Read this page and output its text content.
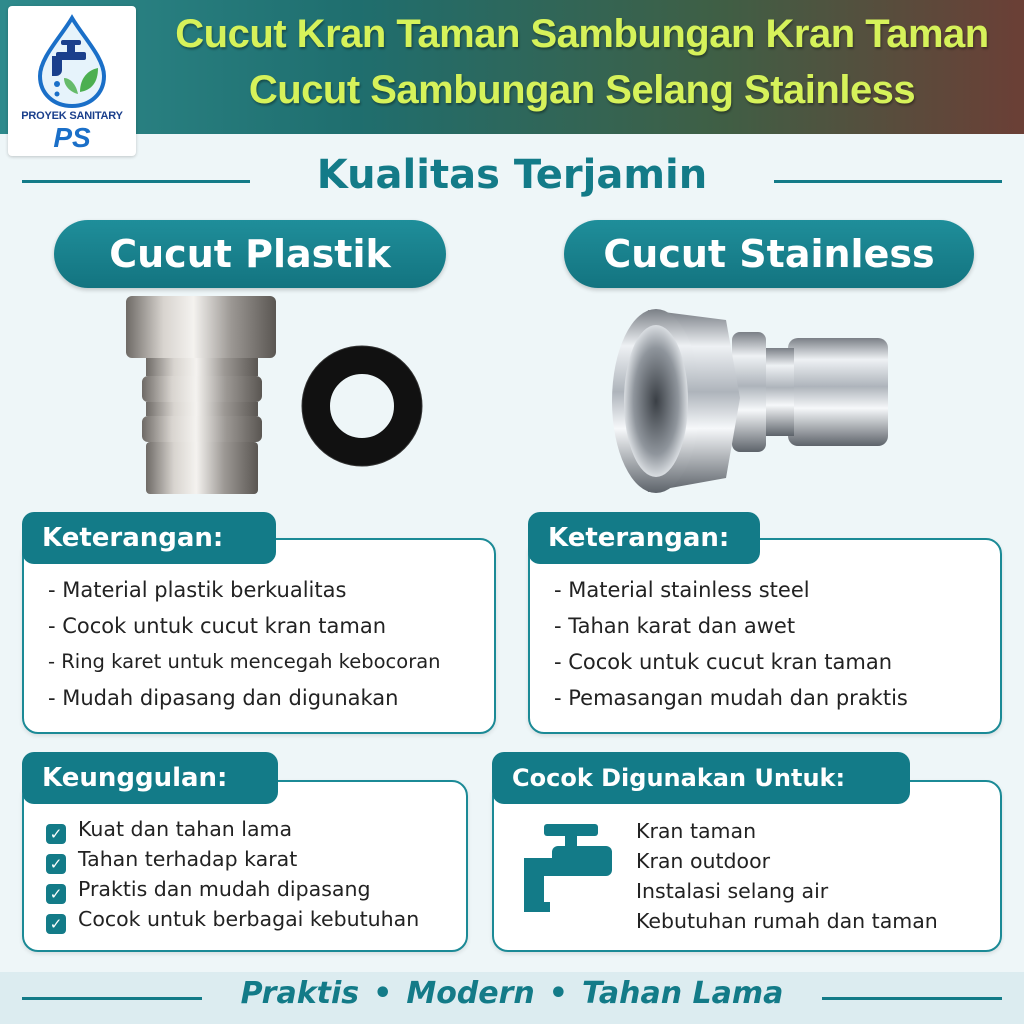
PROYEK SANITARY
PS
Cucut Kran Taman Sambungan Kran Taman
Cucut Sambungan Selang Stainless
Kualitas Terjamin
Cucut Plastik	Cucut Stainless
Keterangan:
- Material plastik berkualitas
- Cocok untuk cucut kran taman
- Ring karet untuk mencegah kebocoran
- Mudah dipasang dan digunakan
Keterangan:
- Material stainless steel
- Tahan karat dan awet
- Cocok untuk cucut kran taman
- Pemasangan mudah dan praktis
Keunggulan:
✓ Kuat dan tahan lama
✓ Tahan terhadap karat
✓ Praktis dan mudah dipasang
✓ Cocok untuk berbagai kebutuhan
Cocok Digunakan Untuk:
Kran taman
Kran outdoor
Instalasi selang air
Kebutuhan rumah dan taman
Praktis • Modern • Tahan Lama
